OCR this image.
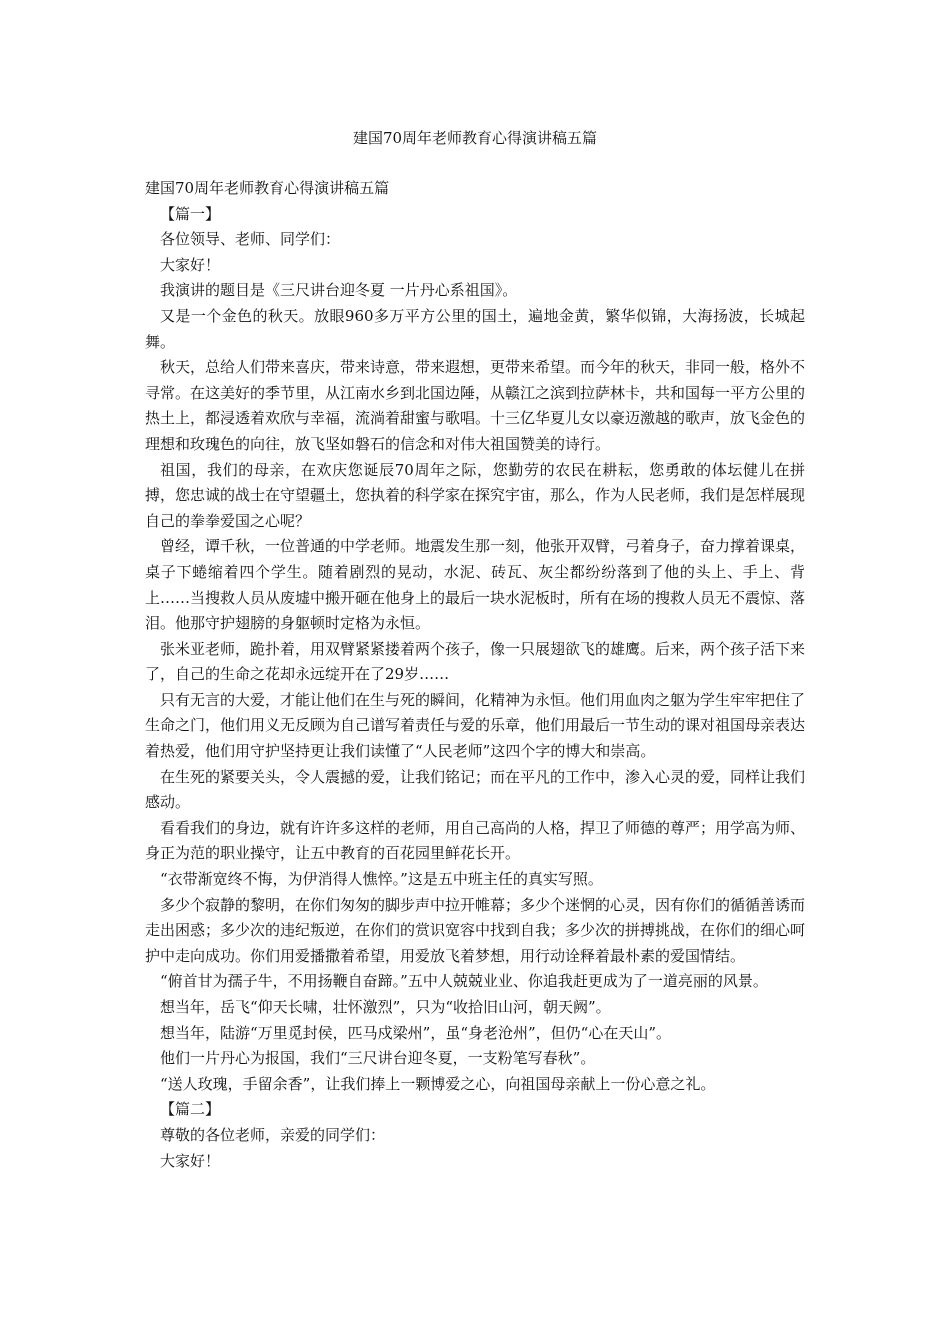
建国70周年老师教育心得演讲稿五篇

建国70周年老师教育心得演讲稿五篇

【篇一】

各位领导、老师、同学们：

大家好！

我演讲的题目是《三尺讲台迎冬夏 一片丹心系祖国》。

又是一个金色的秋天。放眼960多万平方公里的国土，遍地金黄，繁华似锦，大海扬波，长城起舞。

秋天，总给人们带来喜庆，带来诗意，带来遐想，更带来希望。而今年的秋天，非同一般，格外不寻常。在这美好的季节里，从江南水乡到北国边陲，从赣江之滨到拉萨林卡，共和国每一平方公里的热土上，都浸透着欢欣与幸福，流淌着甜蜜与歌唱。十三亿华夏儿女以豪迈激越的歌声，放飞金色的理想和玫瑰色的向往，放飞坚如磐石的信念和对伟大祖国赞美的诗行。

祖国，我们的母亲，在欢庆您诞辰70周年之际，您勤劳的农民在耕耘，您勇敢的体坛健儿在拼搏，您忠诚的战士在守望疆土，您执着的科学家在探究宇宙，那么，作为人民老师，我们是怎样展现自己的拳拳爱国之心呢？

曾经，谭千秋，一位普通的中学老师。地震发生那一刻，他张开双臂，弓着身子，奋力撑着课桌，桌子下蜷缩着四个学生。随着剧烈的晃动，水泥、砖瓦、灰尘都纷纷落到了他的头上、手上、背上……当搜救人员从废墟中搬开砸在他身上的最后一块水泥板时，所有在场的搜救人员无不震惊、落泪。他那守护翅膀的身躯顿时定格为永恒。

张米亚老师，跪扑着，用双臂紧紧搂着两个孩子，像一只展翅欲飞的雄鹰。后来，两个孩子活下来了，自己的生命之花却永远绽开在了29岁……

只有无言的大爱，才能让他们在生与死的瞬间，化精神为永恒。他们用血肉之躯为学生牢牢把住了生命之门，他们用义无反顾为自己谱写着责任与爱的乐章，他们用最后一节生动的课对祖国母亲表达着热爱，他们用守护坚持更让我们读懂了“人民老师”这四个字的博大和崇高。

在生死的紧要关头，令人震撼的爱，让我们铭记；而在平凡的工作中，渗入心灵的爱，同样让我们感动。

看看我们的身边，就有许许多这样的老师，用自己高尚的人格，捍卫了师德的尊严；用学高为师、身正为范的职业操守，让五中教育的百花园里鲜花长开。

“衣带渐宽终不悔，为伊消得人憔悴。”这是五中班主任的真实写照。

多少个寂静的黎明，在你们匆匆的脚步声中拉开帷幕；多少个迷惘的心灵，因有你们的循循善诱而走出困惑；多少次的违纪叛逆，在你们的赏识宽容中找到自我；多少次的拼搏挑战，在你们的细心呵护中走向成功。你们用爱播撒着希望，用爱放飞着梦想，用行动诠释着最朴素的爱国情结。

“俯首甘为孺子牛，不用扬鞭自奋蹄。”五中人兢兢业业、你追我赶更成为了一道亮丽的风景。

想当年，岳飞“仰天长啸，壮怀激烈”，只为“收拾旧山河，朝天阙”。

想当年，陆游“万里觅封侯，匹马戍梁州”，虽“身老沧州”，但仍“心在天山”。

他们一片丹心为报国，我们“三尺讲台迎冬夏，一支粉笔写春秋”。

“送人玫瑰，手留余香”，让我们捧上一颗博爱之心，向祖国母亲献上一份心意之礼。

【篇二】

尊敬的各位老师，亲爱的同学们：

大家好！
